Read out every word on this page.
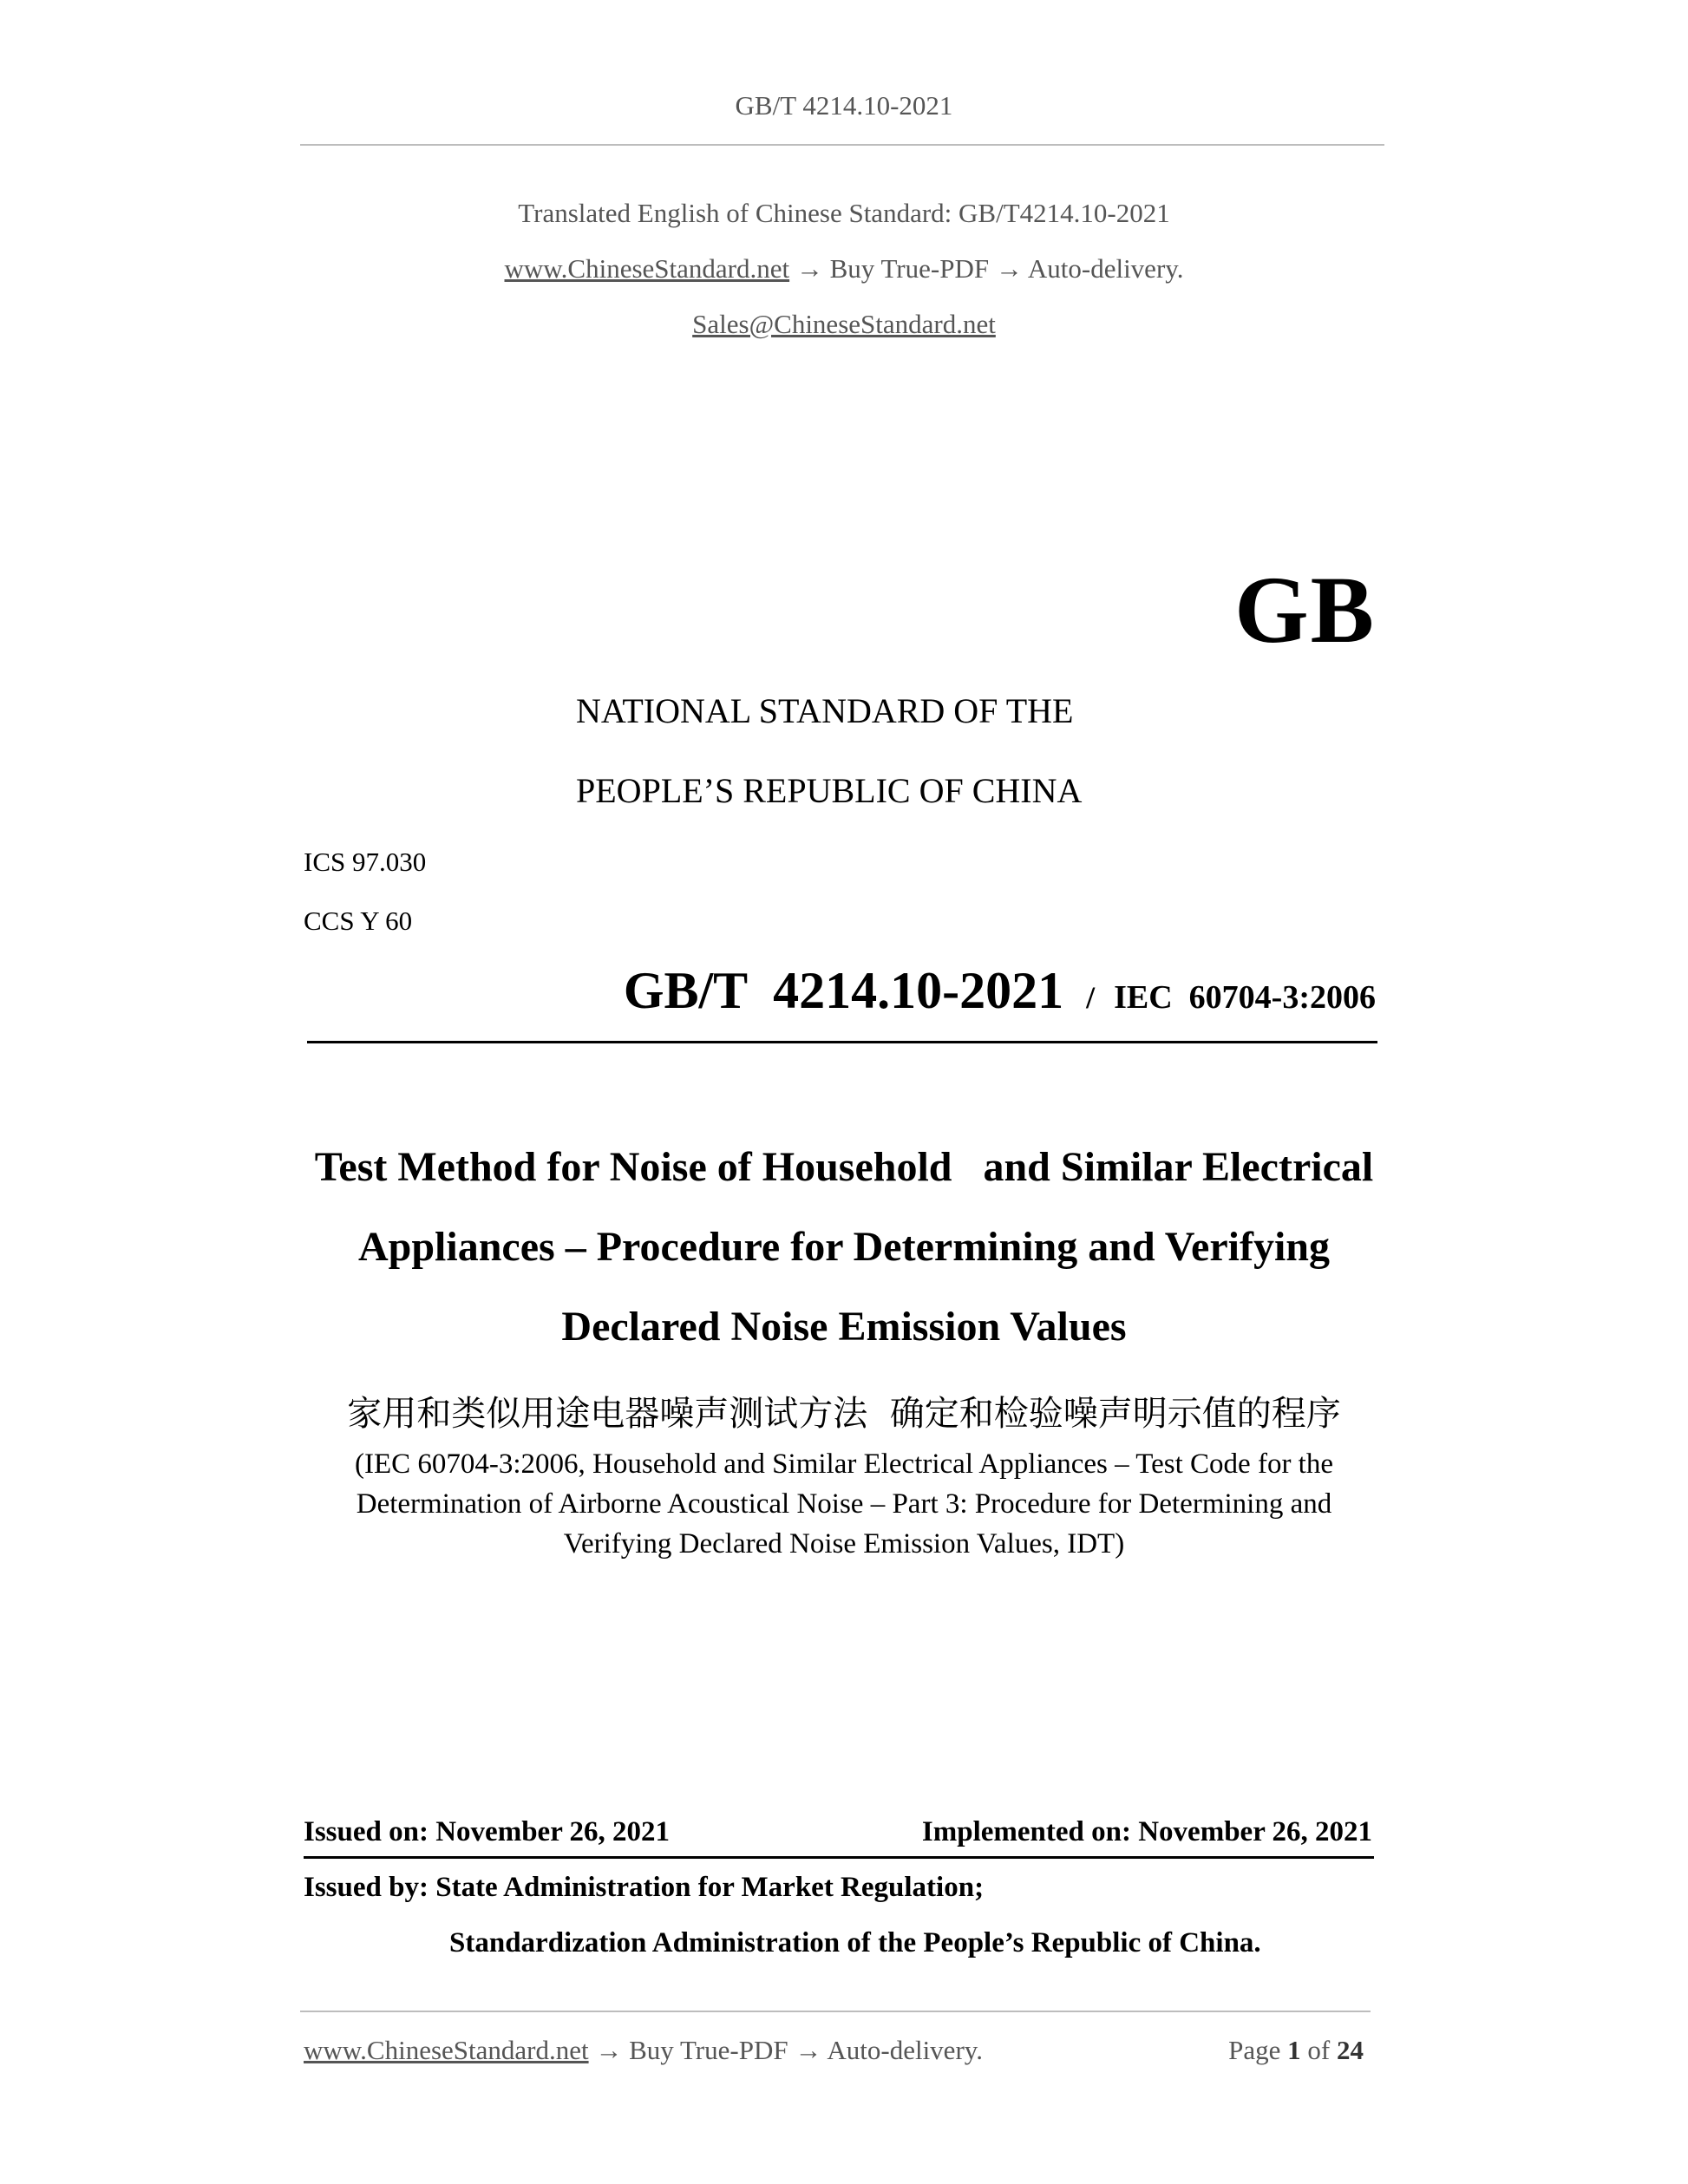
GB/T 4214.10-2021
Translated English of Chinese Standard: GB/T4214.10-2021
www.ChineseStandard.net → Buy True-PDF → Auto-delivery.
Sales@ChineseStandard.net
GB
NATIONAL STANDARD OF THE
PEOPLE’S REPUBLIC OF CHINA
ICS 97.030
CCS Y 60
GB/T  4214.10-2021 / IEC  60704-3:2006
Test Method for Noise of Household   and Similar Electrical
Appliances – Procedure for Determining and Verifying
Declared Noise Emission Values
家用和类似用途电器噪声测试方法  确定和检验噪声明示值的程序
(IEC 60704-3:2006, Household and Similar Electrical Appliances – Test Code for the
Determination of Airborne Acoustical Noise – Part 3: Procedure for Determining and
Verifying Declared Noise Emission Values, IDT)
Issued on: November 26, 2021	Implemented on: November 26, 2021
Issued by: State Administration for Market Regulation;
Standardization Administration of the People’s Republic of China.
www.ChineseStandard.net → Buy True-PDF → Auto-delivery.	Page 1 of 24
